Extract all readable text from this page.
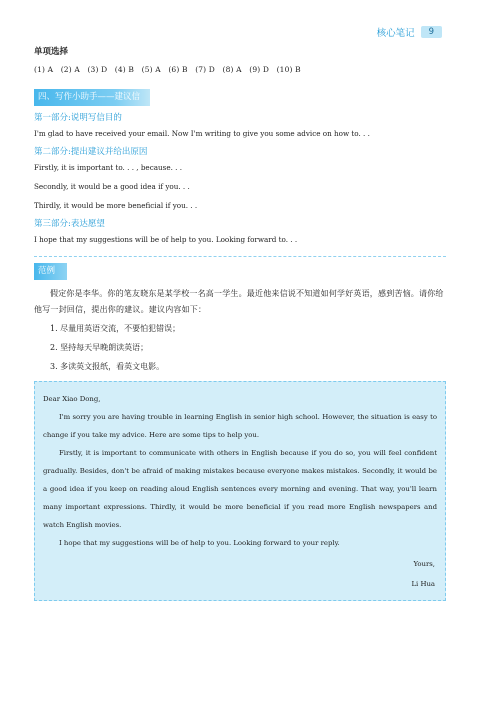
核心笔记	9

单项选择

(1) A (2) A (3) D (4) B (5) A (6) B (7) D (8) A (9) D (10) B
四、写作小助手——建议信
第一部分:说明写信目的
I'm glad to have received your email. Now I'm writing to give you some advice on how to. . .
第二部分:提出建议并给出原因
Firstly, it is important to. . . , because. . .
Secondly, it would be a good idea if you. . .
Thirdly, it would be more beneficial if you. . .
第三部分:表达愿望
I hope that my suggestions will be of help to you. Looking forward to. . .
范例
假定你是李华。你的笔友晓东是某学校一名高一学生。最近他来信说不知道如何学好英语，感到苦恼。请你给他写一封回信，提出你的建议。建议内容如下：
1. 尽量用英语交流，不要怕犯错误；
2. 坚持每天早晚朗读英语；
3. 多读英文报纸，看英文电影。

Dear Xiao Dong,

I'm sorry you are having trouble in learning English in senior high school. However, the situation is easy to change if you take my advice. Here are some tips to help you.

Firstly, it is important to communicate with others in English because if you do so, you will feel confident gradually. Besides, don't be afraid of making mistakes because everyone makes mistakes. Secondly, it would be a good idea if you keep on reading aloud English sentences every morning and evening. That way, you'll learn many important expressions. Thirdly, it would be more beneficial if you read more English newspapers and watch English movies.

I hope that my suggestions will be of help to you. Looking forward to your reply.

Yours,

Li Hua
